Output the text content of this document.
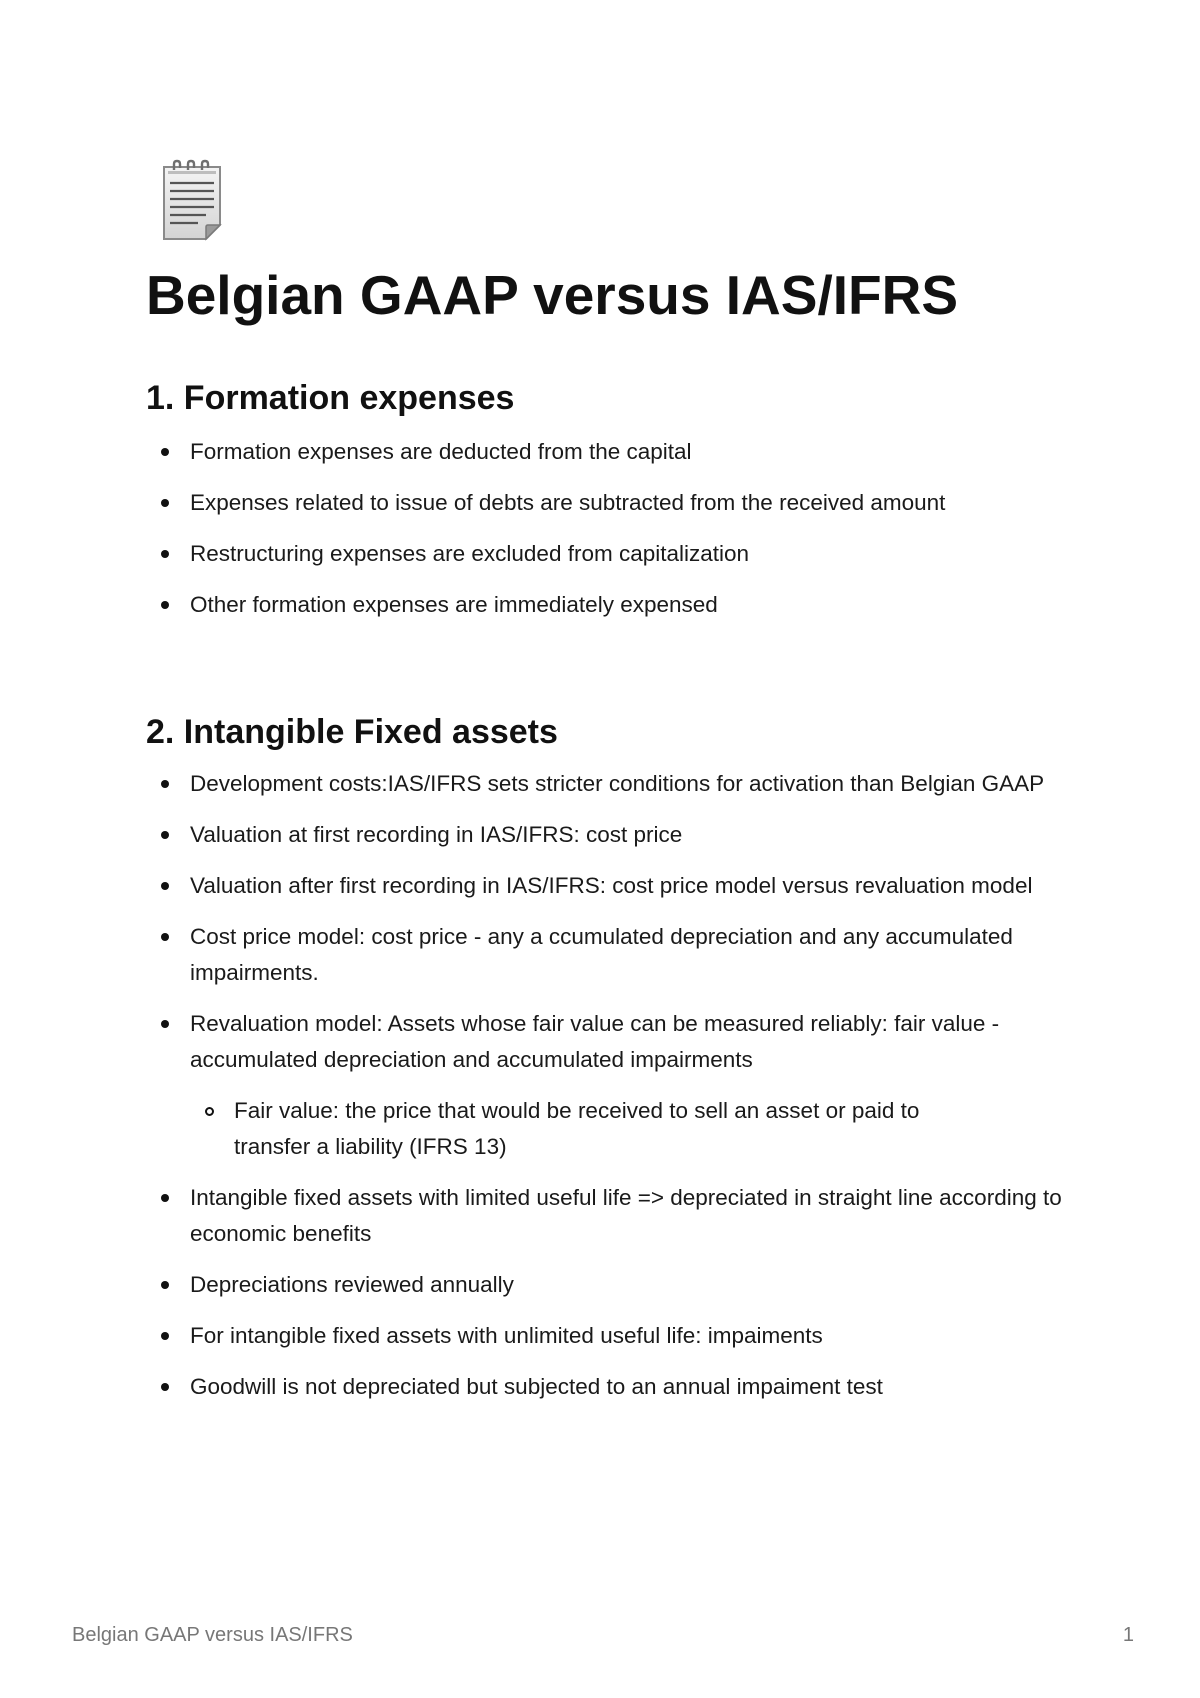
Belgian GAAP versus IAS/IFRS
1. Formation expenses
Formation expenses are deducted from the capital
Expenses related to issue of debts are subtracted from the received amount
Restructuring expenses are excluded from capitalization
Other formation expenses are immediately expensed
2. Intangible Fixed assets
Development costs:IAS/IFRS sets stricter conditions for activation than Belgian GAAP
Valuation at first recording in IAS/IFRS: cost price
Valuation after first recording in IAS/IFRS: cost price model versus revaluation model
Cost price model: cost price - any a ccumulated depreciation and any accumulated impairments.
Revaluation model: Assets whose fair value can be measured reliably: fair value - accumulated depreciation and accumulated impairments
Fair value: the price that would be received to sell an asset or paid to transfer a liability (IFRS 13)
Intangible fixed assets with limited useful life => depreciated in straight line according to economic benefits
Depreciations reviewed annually
For intangible fixed assets with unlimited useful life: impaiments
Goodwill is not depreciated but subjected to an annual impaiment test
Belgian GAAP versus IAS/IFRS	1
